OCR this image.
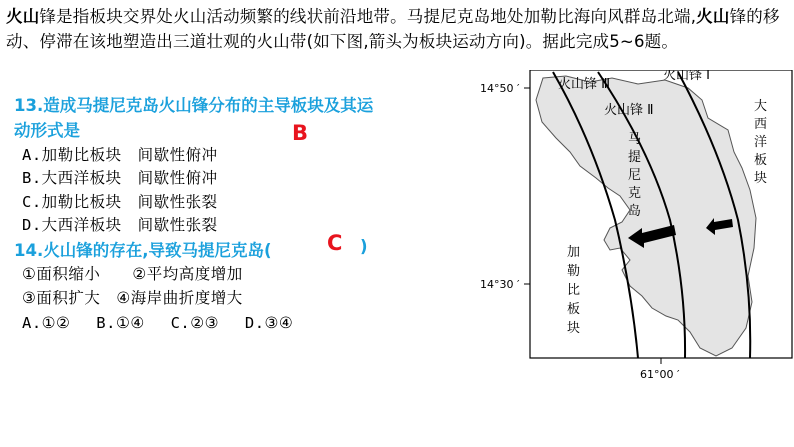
火山锋是指板块交界处火山活动频繁的线状前沿地带。马提尼克岛地处加勒比海向风群岛北端,火山锋的移动、停滞在该地塑造出三道壮观的火山带(如下图,箭头为板块运动方向)。据此完成5~6题。
13.造成马提尼克岛火山锋分布的主导板块及其运
动形式是	B
A.加勒比板块　间歇性俯冲
B.大西洋板块　间歇性俯冲
C.加勒比板块　间歇性张裂
D.大西洋板块　间歇性张裂
14.火山锋的存在,导致马提尼克岛(	C )
①面积缩小　　②平均高度增加
③面积扩大　④海岸曲折度增大
A.①②　 B.①④　 C.②③　 D.③④
火山锋 Ⅲ
火山锋 Ⅰ
火山锋 Ⅱ
马
提
尼
克
岛
大
西
洋
板
块
加
勒
比
板
块
14°50 ′
14°30 ′
61°00 ′
